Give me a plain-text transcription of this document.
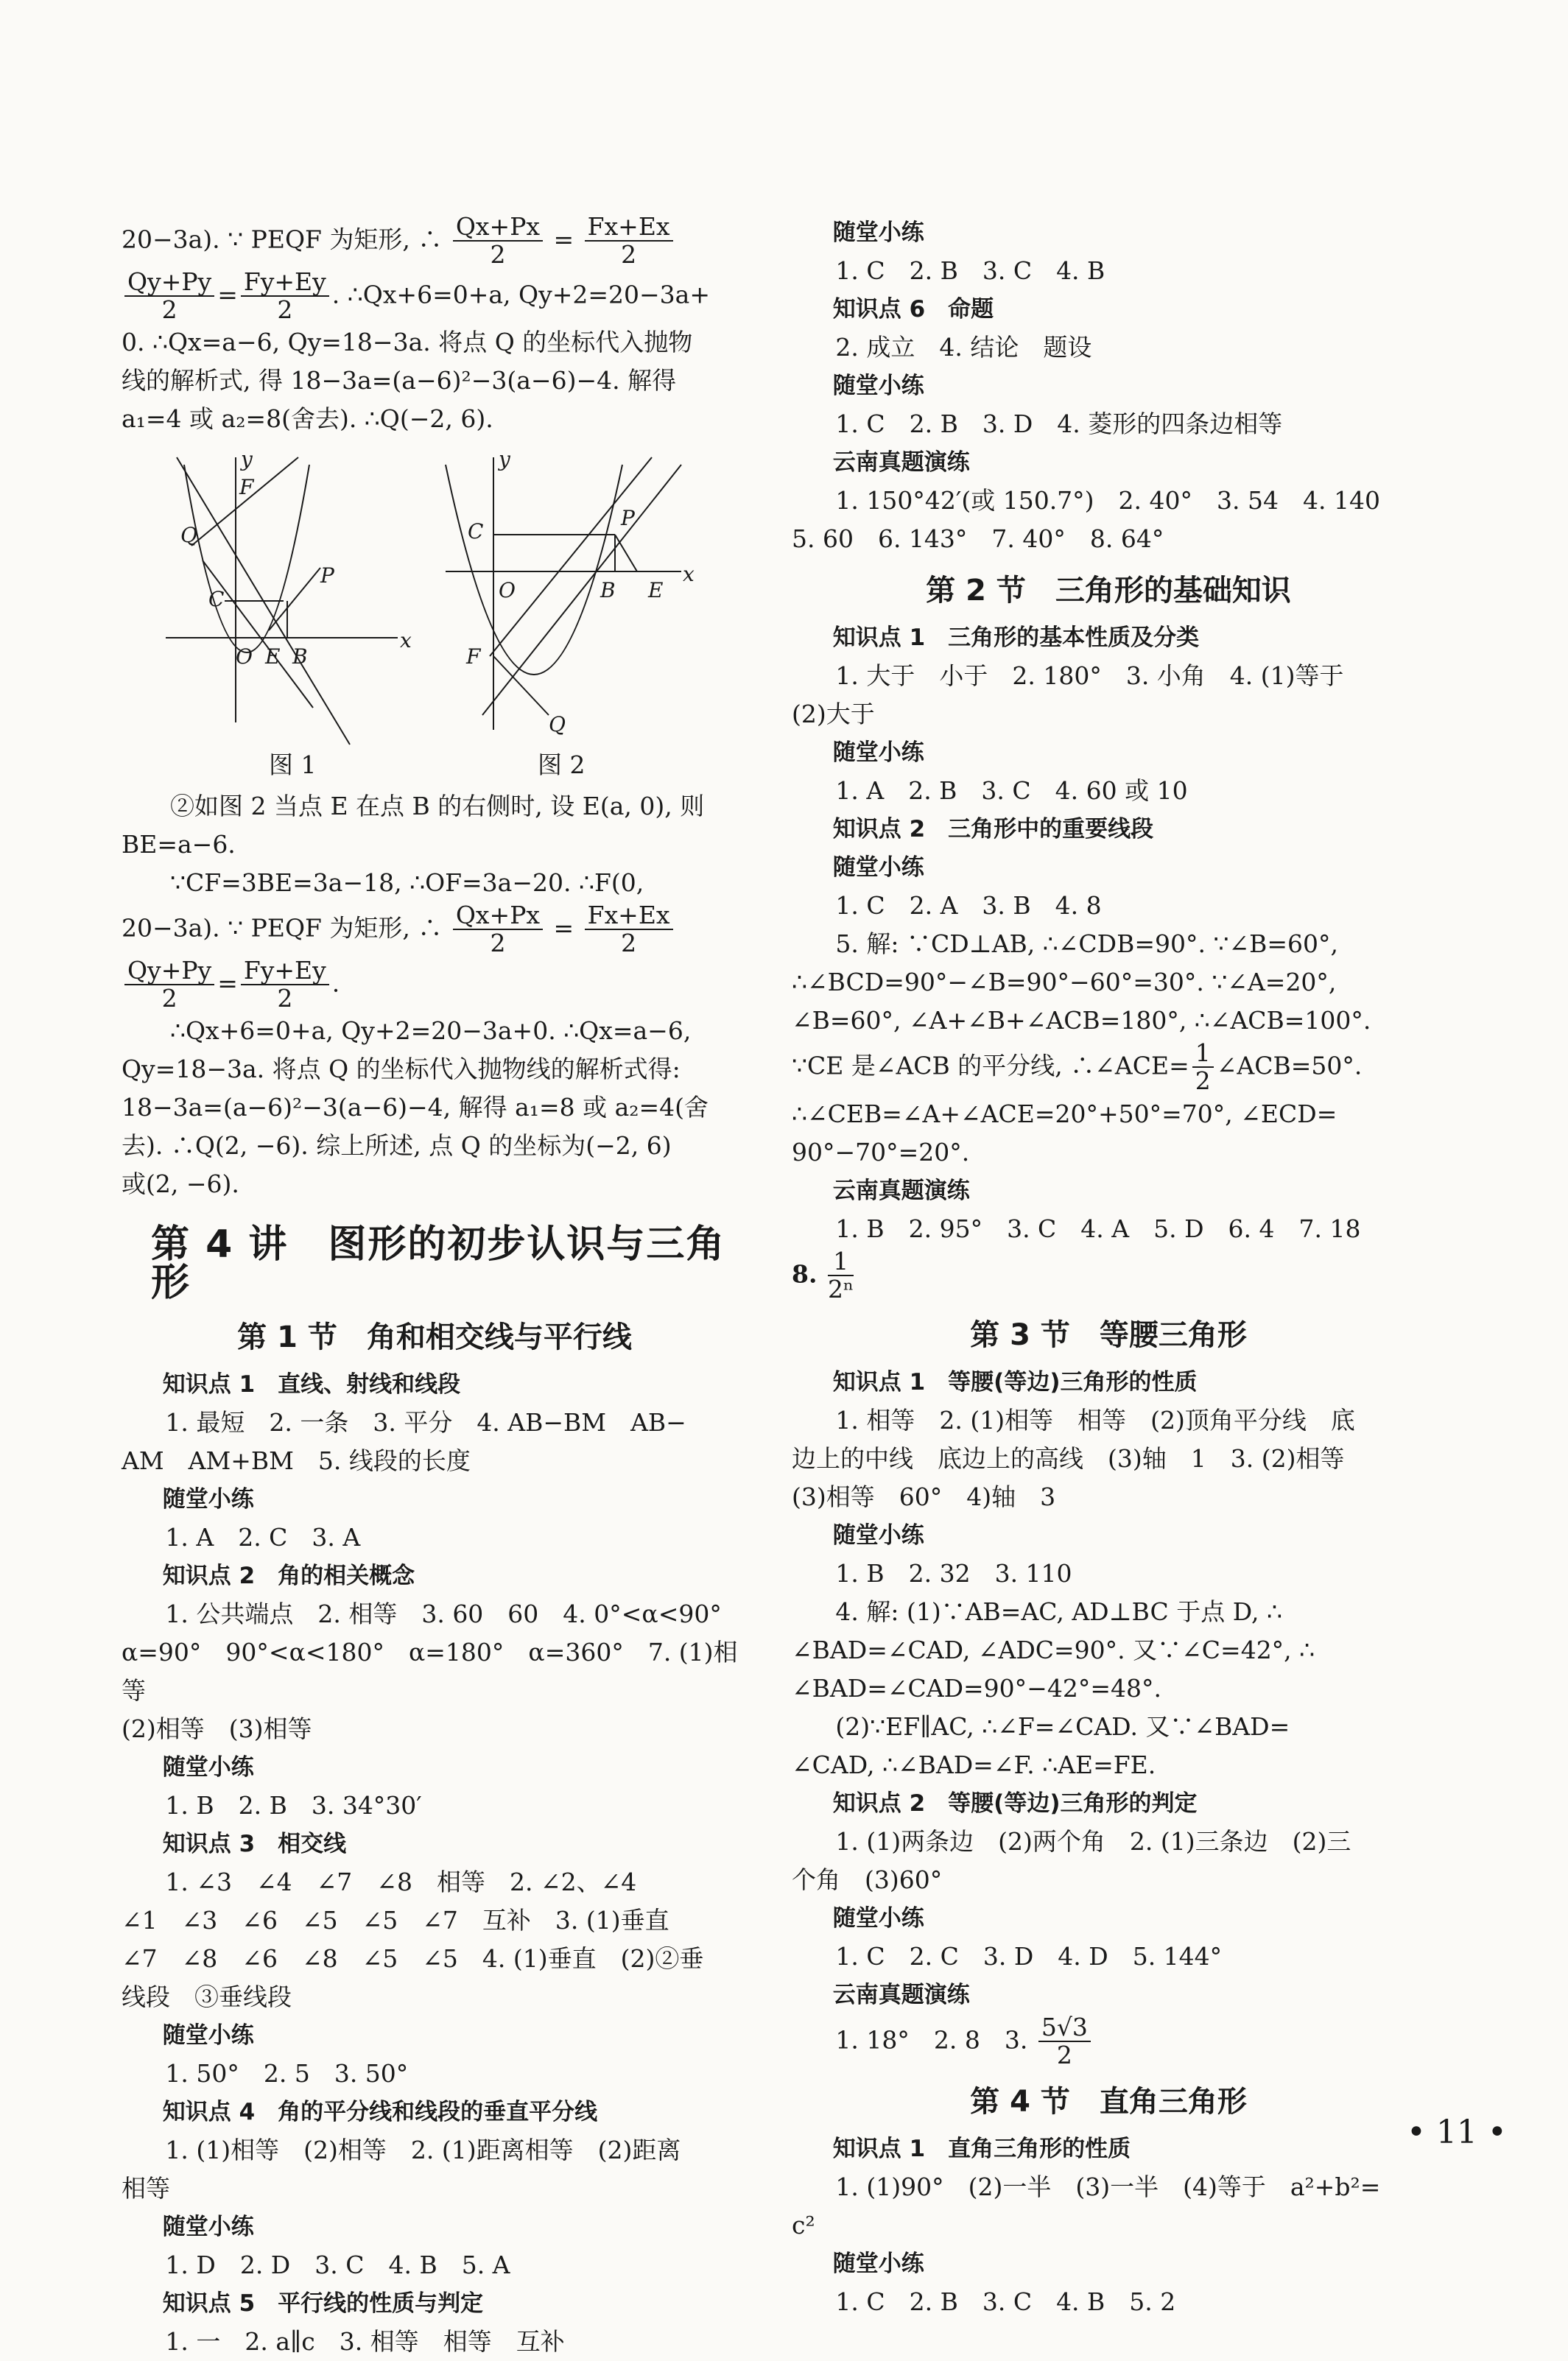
20−3a). ∵ PEQF 为矩形, ∴ $\frac{Qx+Px}{2} = \frac{Fx+Ex}{2}$

$\frac{Qy+Py}{2} = \frac{Fy+Ey}{2}$ . ∴Qx+6=0+a, Qy+2=20−3a+

0. ∴Qx=a−6, Qy=18−3a. 将点 Q 的坐标代入抛物

线的解析式, 得 18−3a=(a−6)²−3(a−6)−4. 解得

a₁=4 或 a₂=8(舍去). ∴Q(−2, 6).

y
F
Q
P
C
O E B
x
y
C
P
O	B E
x
F
Q
图 1	图 2

②如图 2 当点 E 在点 B 的右侧时, 设 E(a, 0), 则

BE=a−6.

∵CF=3BE=3a−18, ∴OF=3a−20. ∴F(0,

20−3a). ∵ PEQF 为矩形, ∴ $\frac{Qx+Px}{2} = \frac{Fx+Ex}{2}$

$\frac{Qy+Py}{2} = \frac{Fy+Ey}{2}$ .

∴Qx+6=0+a, Qy+2=20−3a+0. ∴Qx=a−6,

Qy=18−3a. 将点 Q 的坐标代入抛物线的解析式得:

18−3a=(a−6)²−3(a−6)−4, 解得 a₁=8 或 a₂=4(舍

去). ∴Q(2, −6). 综上所述, 点 Q 的坐标为(−2, 6)

或(2, −6).

第 4 讲　图形的初步认识与三角形
第 1 节　角和相交线与平行线

知识点 1　直线、射线和线段

1. 最短　2. 一条　3. 平分　4. AB−BM　AB−

AM　AM+BM　5. 线段的长度

随堂小练

1. A　2. C　3. A

知识点 2　角的相关概念

1. 公共端点　2. 相等　3. 60　60　4. 0°<α<90°

α=90°　90°<α<180°　α=180°　α=360°　7. (1)相等

(2)相等　(3)相等

随堂小练

1. B　2. B　3. 34°30′

知识点 3　相交线

1. ∠3　∠4　∠7　∠8　相等　2. ∠2、∠4

∠1　∠3　∠6　∠5　∠5　∠7　互补　3. (1)垂直

∠7　∠8　∠6　∠8　∠5　∠5　4. (1)垂直　(2)②垂

线段　③垂线段

随堂小练

1. 50°　2. 5　3. 50°

知识点 4　角的平分线和线段的垂直平分线

1. (1)相等　(2)相等　2. (1)距离相等　(2)距离

相等

随堂小练

1. D　2. D　3. C　4. B　5. A

知识点 5　平行线的性质与判定

1. 一　2. a∥c　3. 相等　相等　互补

随堂小练

1. C　2. B　3. C　4. B

知识点 6　命题

2. 成立　4. 结论　题设

随堂小练

1. C　2. B　3. D　4. 菱形的四条边相等

云南真题演练

1. 150°42′(或 150.7°)　2. 40°　3. 54　4. 140

5. 60　6. 143°　7. 40°　8. 64°

第 2 节　三角形的基础知识

知识点 1　三角形的基本性质及分类

1. 大于　小于　2. 180°　3. 小角　4. (1)等于

(2)大于

随堂小练

1. A　2. B　3. C　4. 60 或 10

知识点 2　三角形中的重要线段

随堂小练

1. C　2. A　3. B　4. 8

5. 解: ∵CD⊥AB, ∴∠CDB=90°. ∵∠B=60°,

∴∠BCD=90°−∠B=90°−60°=30°. ∵∠A=20°,

∠B=60°, ∠A+∠B+∠ACB=180°, ∴∠ACB=100°.

∵CE 是∠ACB 的平分线, ∴∠ACE= $\frac{1}{2}$ ∠ACB=50°.

∴∠CEB=∠A+∠ACE=20°+50°=70°, ∠ECD=

90°−70°=20°.

云南真题演练

1. B　2. 95°　3. C　4. A　5. D　6. 4　7. 18

8. $\frac{1}{\text{2ⁿ}}$

第 3 节　等腰三角形

知识点 1　等腰(等边)三角形的性质

1. 相等　2. (1)相等　相等　(2)顶角平分线　底

边上的中线　底边上的高线　(3)轴　1　3. (2)相等

(3)相等　60°　4)轴　3

随堂小练

1. B　2. 32　3. 110

4. 解: (1)∵AB=AC, AD⊥BC 于点 D, ∴

∠BAD=∠CAD, ∠ADC=90°. 又∵∠C=42°, ∴

∠BAD=∠CAD=90°−42°=48°.

(2)∵EF∥AC, ∴∠F=∠CAD. 又∵∠BAD=

∠CAD, ∴∠BAD=∠F. ∴AE=FE.

知识点 2　等腰(等边)三角形的判定

1. (1)两条边　(2)两个角　2. (1)三条边　(2)三

个角　(3)60°

随堂小练

1. C　2. C　3. D　4. D　5. 144°

云南真题演练

1. 18°　2. 8　3. $\frac{5√3}{2}$

第 4 节　直角三角形

知识点 1　直角三角形的性质

1. (1)90°　(2)一半　(3)一半　(4)等于　a²+b²=

c²

随堂小练

1. C　2. B　3. C　4. B　5. 2

• 11 •
